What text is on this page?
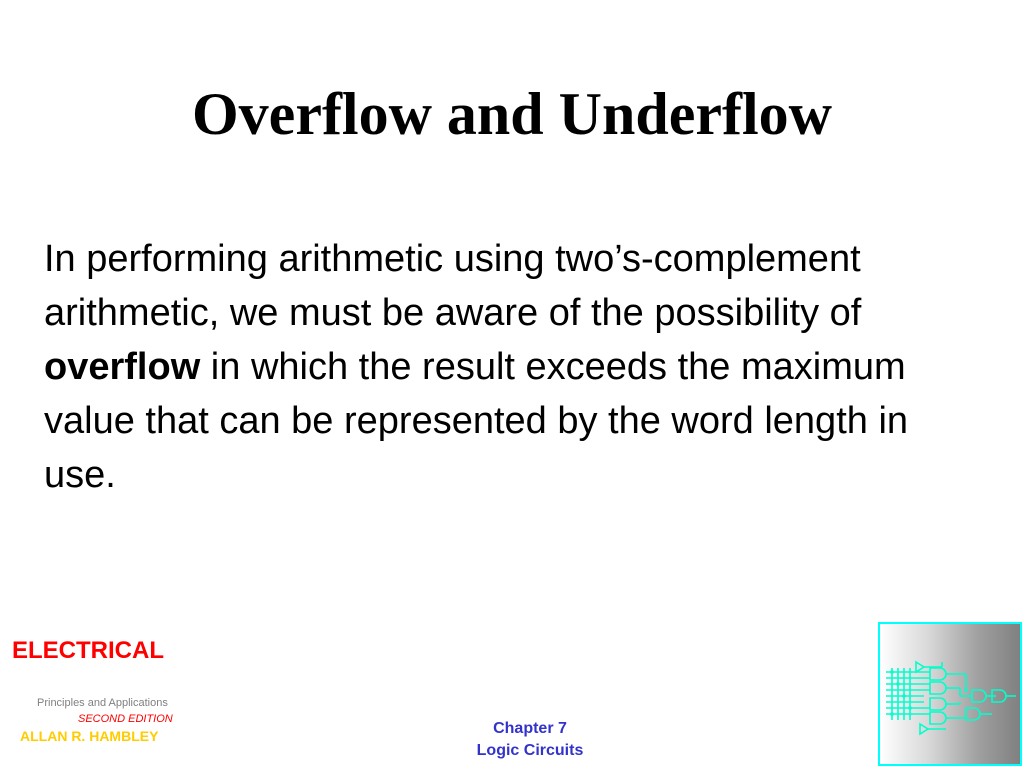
Overflow and Underflow
In performing arithmetic using two’s-complement arithmetic, we must be aware of the possibility of overflow in which the result exceeds the maximum value that can be represented by the word length in use.
ELECTRICAL
Principles and Applications
SECOND EDITION
ALLAN R. HAMBLEY	Chapter 7
Logic Circuits
